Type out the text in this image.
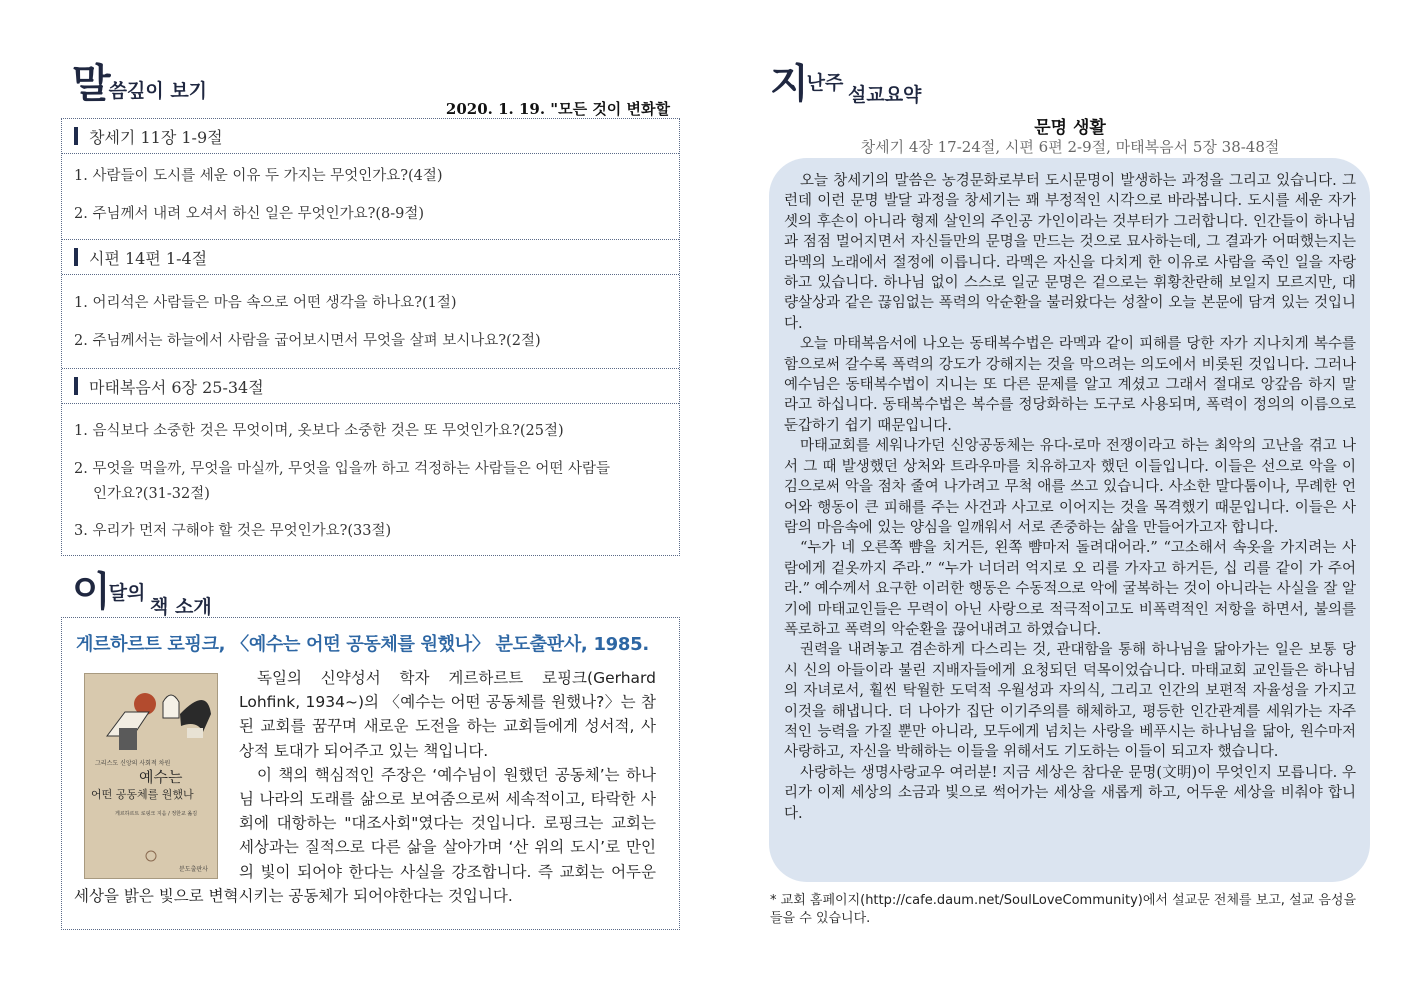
말씀깊이 보기
2020. 1. 19. "모든 것이 변화할
창세기 11장 1-9절
1. 사람들이 도시를 세운 이유 두 가지는 무엇인가요?(4절)
2. 주님께서 내려 오셔서 하신 일은 무엇인가요?(8-9절)
시편 14편 1-4절
1. 어리석은 사람들은 마음 속으로 어떤 생각을 하나요?(1절)
2. 주님께서는 하늘에서 사람을 굽어보시면서 무엇을 살펴 보시나요?(2절)
마태복음서 6장 25-34절
1. 음식보다 소중한 것은 무엇이며, 옷보다 소중한 것은 또 무엇인가요?(25절)
2. 무엇을 먹을까, 무엇을 마실까, 무엇을 입을까 하고 걱정하는 사람들은 어떤 사람들
인가요?(31-32절)
3. 우리가 먼저 구해야 할 것은 무엇인가요?(33절)
이달의
책 소개
게르하르트 로핑크, 〈예수는 어떤 공동체를 원했나〉 분도출판사, 1985.
그리스도 신앙의 사회적 차원
예수는
어떤 공동체를 원했나
게르하르트 로핑크 지음 / 정한교 옮김
분도출판사

독일의 신약성서 학자 게르하르트 로핑크(Gerhard Lohfink, 1934~)의 〈예수는 어떤 공동체를 원했나?〉는 참된 교회를 꿈꾸며 새로운 도전을 하는 교회들에게 성서적, 사상적 토대가 되어주고 있는 책입니다.

이 책의 핵심적인 주장은 ‘예수님이 원했던 공동체’는 하나님 나라의 도래를 삶으로 보여줌으로써 세속적이고, 타락한 사회에 대항하는 "대조사회"였다는 것입니다. 로핑크는 교회는 세상과는 질적으로 다른 삶을 살아가며 ‘산 위의 도시’로 만인의 빛이 되어야 한다는 사실을 강조합니다. 즉 교회는 어두운 세상을 밝은 빛으로 변혁시키는 공동체가 되어야한다는 것입니다.

지난주
설교요약
문명 생활
창세기 4장 17-24절, 시편 6편 2-9절, 마태복음서 5장 38-48절

오늘 창세기의 말씀은 농경문화로부터 도시문명이 발생하는 과정을 그리고 있습니다. 그런데 이런 문명 발달 과정을 창세기는 꽤 부정적인 시각으로 바라봅니다. 도시를 세운 자가 셋의 후손이 아니라 형제 살인의 주인공 가인이라는 것부터가 그러합니다. 인간들이 하나님과 점점 멀어지면서 자신들만의 문명을 만드는 것으로 묘사하는데, 그 결과가 어떠했는지는 라멕의 노래에서 절정에 이릅니다. 라멕은 자신을 다치게 한 이유로 사람을 죽인 일을 자랑하고 있습니다. 하나님 없이 스스로 일군 문명은 겉으로는 휘황찬란해 보일지 모르지만, 대량살상과 같은 끊임없는 폭력의 악순환을 불러왔다는 성찰이 오늘 본문에 담겨 있는 것입니다.

오늘 마태복음서에 나오는 동태복수법은 라멕과 같이 피해를 당한 자가 지나치게 복수를 함으로써 갈수록 폭력의 강도가 강해지는 것을 막으려는 의도에서 비롯된 것입니다. 그러나 예수님은 동태복수법이 지니는 또 다른 문제를 알고 계셨고 그래서 절대로 앙갚음 하지 말라고 하십니다. 동태복수법은 복수를 정당화하는 도구로 사용되며, 폭력이 정의의 이름으로 둔갑하기 쉽기 때문입니다.

마태교회를 세워나가던 신앙공동체는 유다-로마 전쟁이라고 하는 최악의 고난을 겪고 나서 그 때 발생했던 상처와 트라우마를 치유하고자 했던 이들입니다. 이들은 선으로 악을 이김으로써 악을 점차 줄여 나가려고 무척 애를 쓰고 있습니다. 사소한 말다툼이나, 무례한 언어와 행동이 큰 피해를 주는 사건과 사고로 이어지는 것을 목격했기 때문입니다. 이들은 사람의 마음속에 있는 양심을 일깨워서 서로 존중하는 삶을 만들어가고자 합니다.

“누가 네 오른쪽 뺨을 치거든, 왼쪽 뺨마저 돌려대어라.” “고소해서 속옷을 가지려는 사람에게 겉옷까지 주라.” “누가 너더러 억지로 오 리를 가자고 하거든, 십 리를 같이 가 주어라.” 예수께서 요구한 이러한 행동은 수동적으로 악에 굴복하는 것이 아니라는 사실을 잘 알기에 마태교인들은 무력이 아닌 사랑으로 적극적이고도 비폭력적인 저항을 하면서, 불의를 폭로하고 폭력의 악순환을 끊어내려고 하였습니다.

권력을 내려놓고 겸손하게 다스리는 것, 관대함을 통해 하나님을 닮아가는 일은 보통 당시 신의 아들이라 불린 지배자들에게 요청되던 덕목이었습니다. 마태교회 교인들은 하나님의 자녀로서, 훨씬 탁월한 도덕적 우월성과 자의식, 그리고 인간의 보편적 자율성을 가지고 이것을 해냅니다. 더 나아가 집단 이기주의를 해체하고, 평등한 인간관계를 세워가는 자주적인 능력을 가질 뿐만 아니라, 모두에게 넘치는 사랑을 베푸시는 하나님을 닮아, 원수마저 사랑하고, 자신을 박해하는 이들을 위해서도 기도하는 이들이 되고자 했습니다.

사랑하는 생명사랑교우 여러분! 지금 세상은 참다운 문명(文明)이 무엇인지 모릅니다. 우리가 이제 세상의 소금과 빛으로 썩어가는 세상을 새롭게 하고, 어두운 세상을 비춰야 합니다.

* 교회 홈페이지(http://cafe.daum.net/SoulLoveCommunity)에서 설교문 전체를 보고, 설교 음성을 들을 수 있습니다.
